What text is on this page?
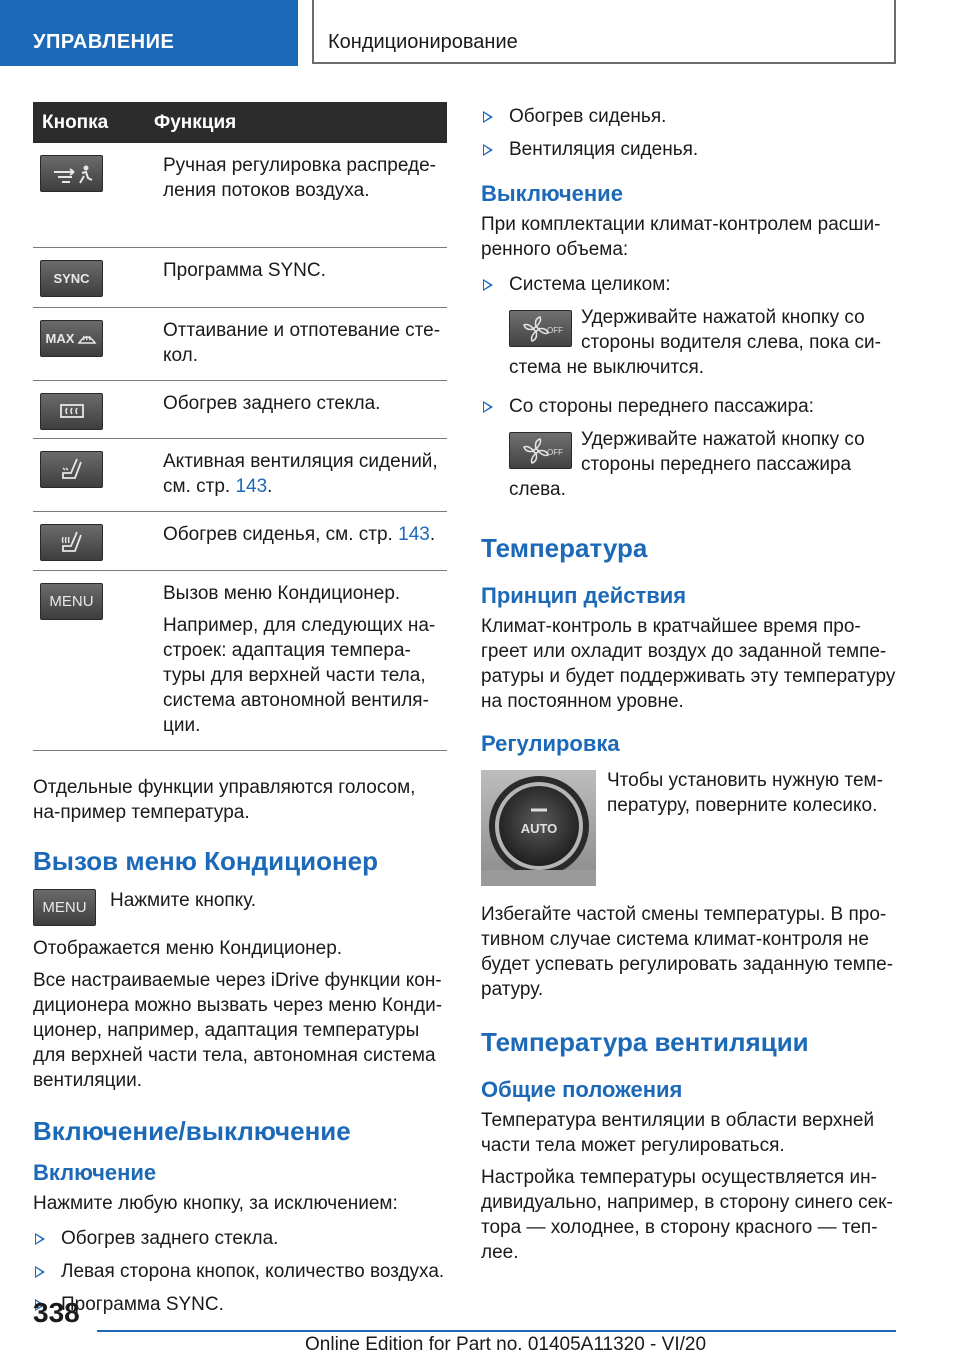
УПРАВЛЕНИЕ	Кондиционирование
Кнопка	Функция

Ручная регулировка распреде-ления потоков воздуха.

SYNC	Программа SYNC.

MAX	Оттаивание и отпотевание сте-кол.

Обогрев заднего стекла.

Активная вентиляция сидений, см. стр. 143.

Обогрев сиденья, см. стр. 143.

MENU	Вызов меню Кондиционер.

Например, для следующих на-строек: адаптация темпера-туры для верхней части тела, система автономной вентиля-ции.

Отдельные функции управляются голосом, на-пример температура.

Вызов меню Кондиционер
MENU	Нажмите кнопку.

Отображается меню Кондиционер.

Все настраиваемые через iDrive функции кон-диционера можно вызвать через меню Конди-ционер, например, адаптация температуры для верхней части тела, автономная система вентиляции.

Включение/выключение
Включение

Нажмите любую кнопку, за исключением:

Обогрев заднего стекла.
Левая сторона кнопок, количество воздуха.
Программа SYNC.
Обогрев сиденья.
Вентиляция сиденья.
Выключение

При комплектации климат-контролем расши-ренного объема:

Система целиком:
OFF
Удерживайте нажатой кнопку со стороны водителя слева, пока си-стема не выключится.
Со стороны переднего пассажира:
OFF
Удерживайте нажатой кнопку со стороны переднего пассажира слева.
Температура
Принцип действия

Климат-контроль в кратчайшее время про-греет или охладит воздух до заданной темпе-ратуры и будет поддерживать эту температуру на постоянном уровне.

Регулировка
AUTO

Чтобы установить нужную тем-пературу, поверните колесико.

Избегайте частой смены температуры. В про-тивном случае система климат-контроля не будет успевать регулировать заданную темпе-ратуру.

Температура вентиляции
Общие положения

Температура вентиляции в области верхней части тела может регулироваться.

Настройка температуры осуществляется ин-дивидуально, например, в сторону синего сек-тора — холоднее, в сторону красного — теп-лее.

338
Online Edition for Part no. 01405A11320 - VI/20
